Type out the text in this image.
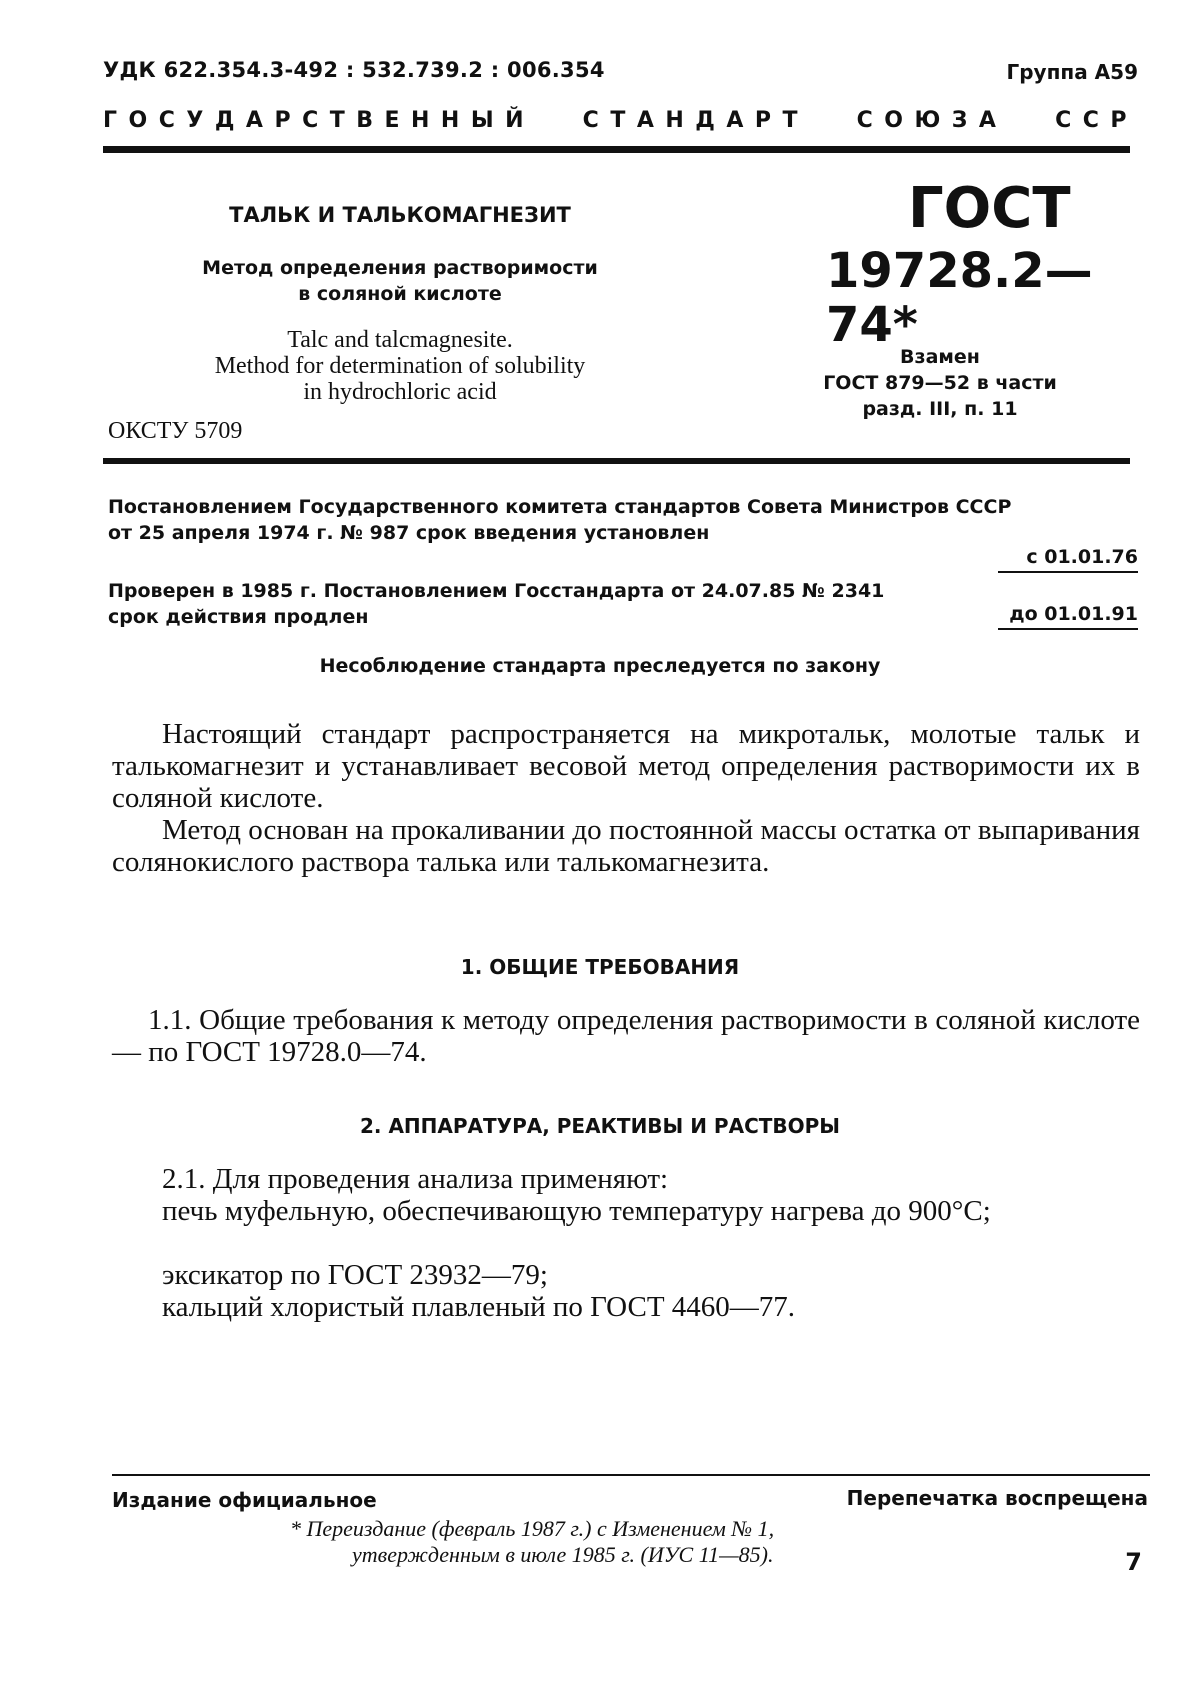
УДК 622.354.3-492 : 532.739.2 : 006.354	Группа А59
ГОСУДАРСТВЕННЫЙ СТАНДАРТ СОЮЗА ССР

ТАЛЬК И ТАЛЬКОМАГНЕЗИТ

Метод определения растворимости
в соляной кислоте

Talc and talcmagnesite.
Method for determination of solubility
in hydrochloric acid

ГОСТ

19728.2—74*

Взамен
ГОСТ 879—52 в части
разд. III, п. 11
ОКСТУ 5709
Постановлением Государственного комитета стандартов Совета Министров СССР
от 25 апреля 1974 г. № 987 срок введения установлен
с 01.01.76
Проверен в 1985 г. Постановлением Госстандарта от 24.07.85 № 2341
срок действия продлен	до 01.01.91
Несоблюдение стандарта преследуется по закону

Настоящий стандарт распространяется на микротальк, молотые тальк и талькомагнезит и устанавливает весовой метод определения растворимости их в соляной кислоте.

Метод основан на прокаливании до постоянной массы остатка от выпаривания солянокислого раствора талька или талькомагнезита.

1. ОБЩИЕ ТРЕБОВАНИЯ

1.1. Общие требования к методу определения растворимости в соляной кислоте — по ГОСТ 19728.0—74.

2. АППАРАТУРА, РЕАКТИВЫ И РАСТВОРЫ

2.1. Для проведения анализа применяют:

печь муфельную, обеспечивающую температуру нагрева до 900°С;

эксикатор по ГОСТ 23932—79;

кальций хлористый плавленый по ГОСТ 4460—77.

Издание официальное	Перепечатка воспрещена
* Переиздание (февраль 1987 г.) с Изменением № 1,
утвержденным в июле 1985 г. (ИУС 11—85).	7
